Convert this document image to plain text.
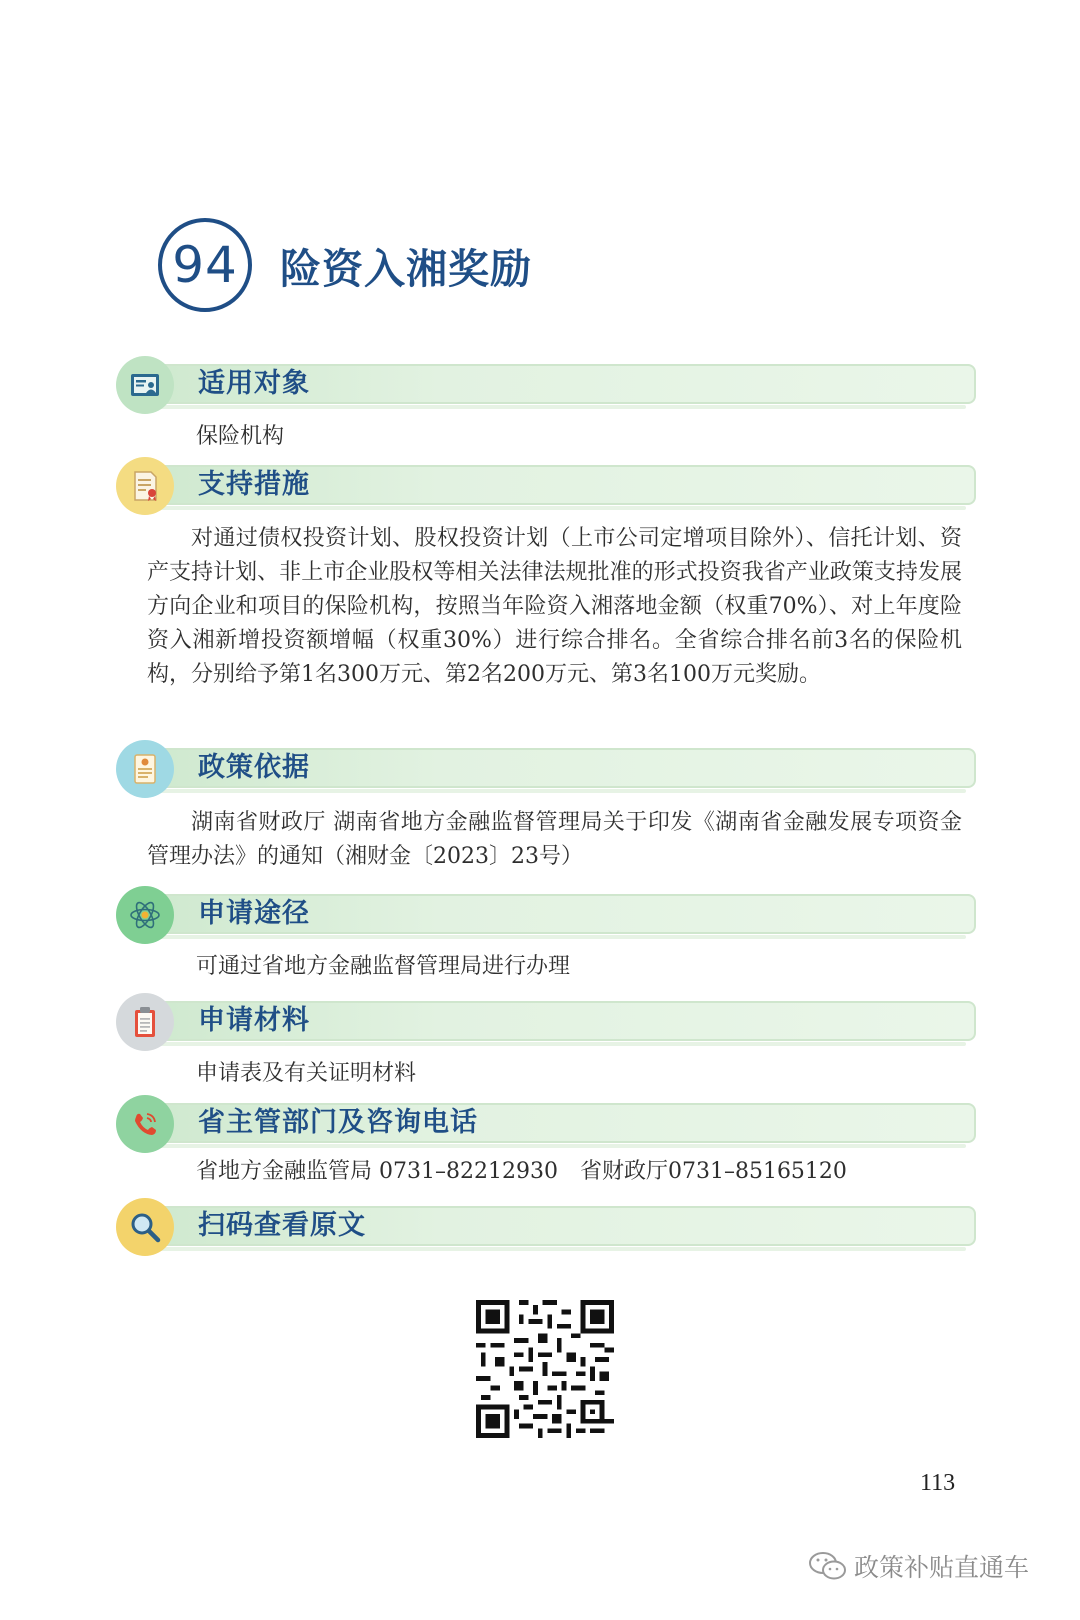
94	险资入湘奖励
适用对象
保险机构
支持措施
对通过债权投资计划、股权投资计划（上市公司定增项目除外）、信托计划、资产支持计划、非上市企业股权等相关法律法规批准的形式投资我省产业政策支持发展方向企业和项目的保险机构，按照当年险资入湘落地金额（权重70%）、对上年度险资入湘新增投资额增幅（权重30%）进行综合排名。全省综合排名前3名的保险机构，分别给予第1名300万元、第2名200万元、第3名100万元奖励。
政策依据
湖南省财政厅 湖南省地方金融监督管理局关于印发《湖南省金融发展专项资金管理办法》的通知（湘财金〔2023〕23号）
申请途径
可通过省地方金融监督管理局进行办理
申请材料
申请表及有关证明材料
省主管部门及咨询电话
省地方金融监管局 0731–82212930　省财政厅0731–85165120
扫码查看原文
113
政策补贴直通车
